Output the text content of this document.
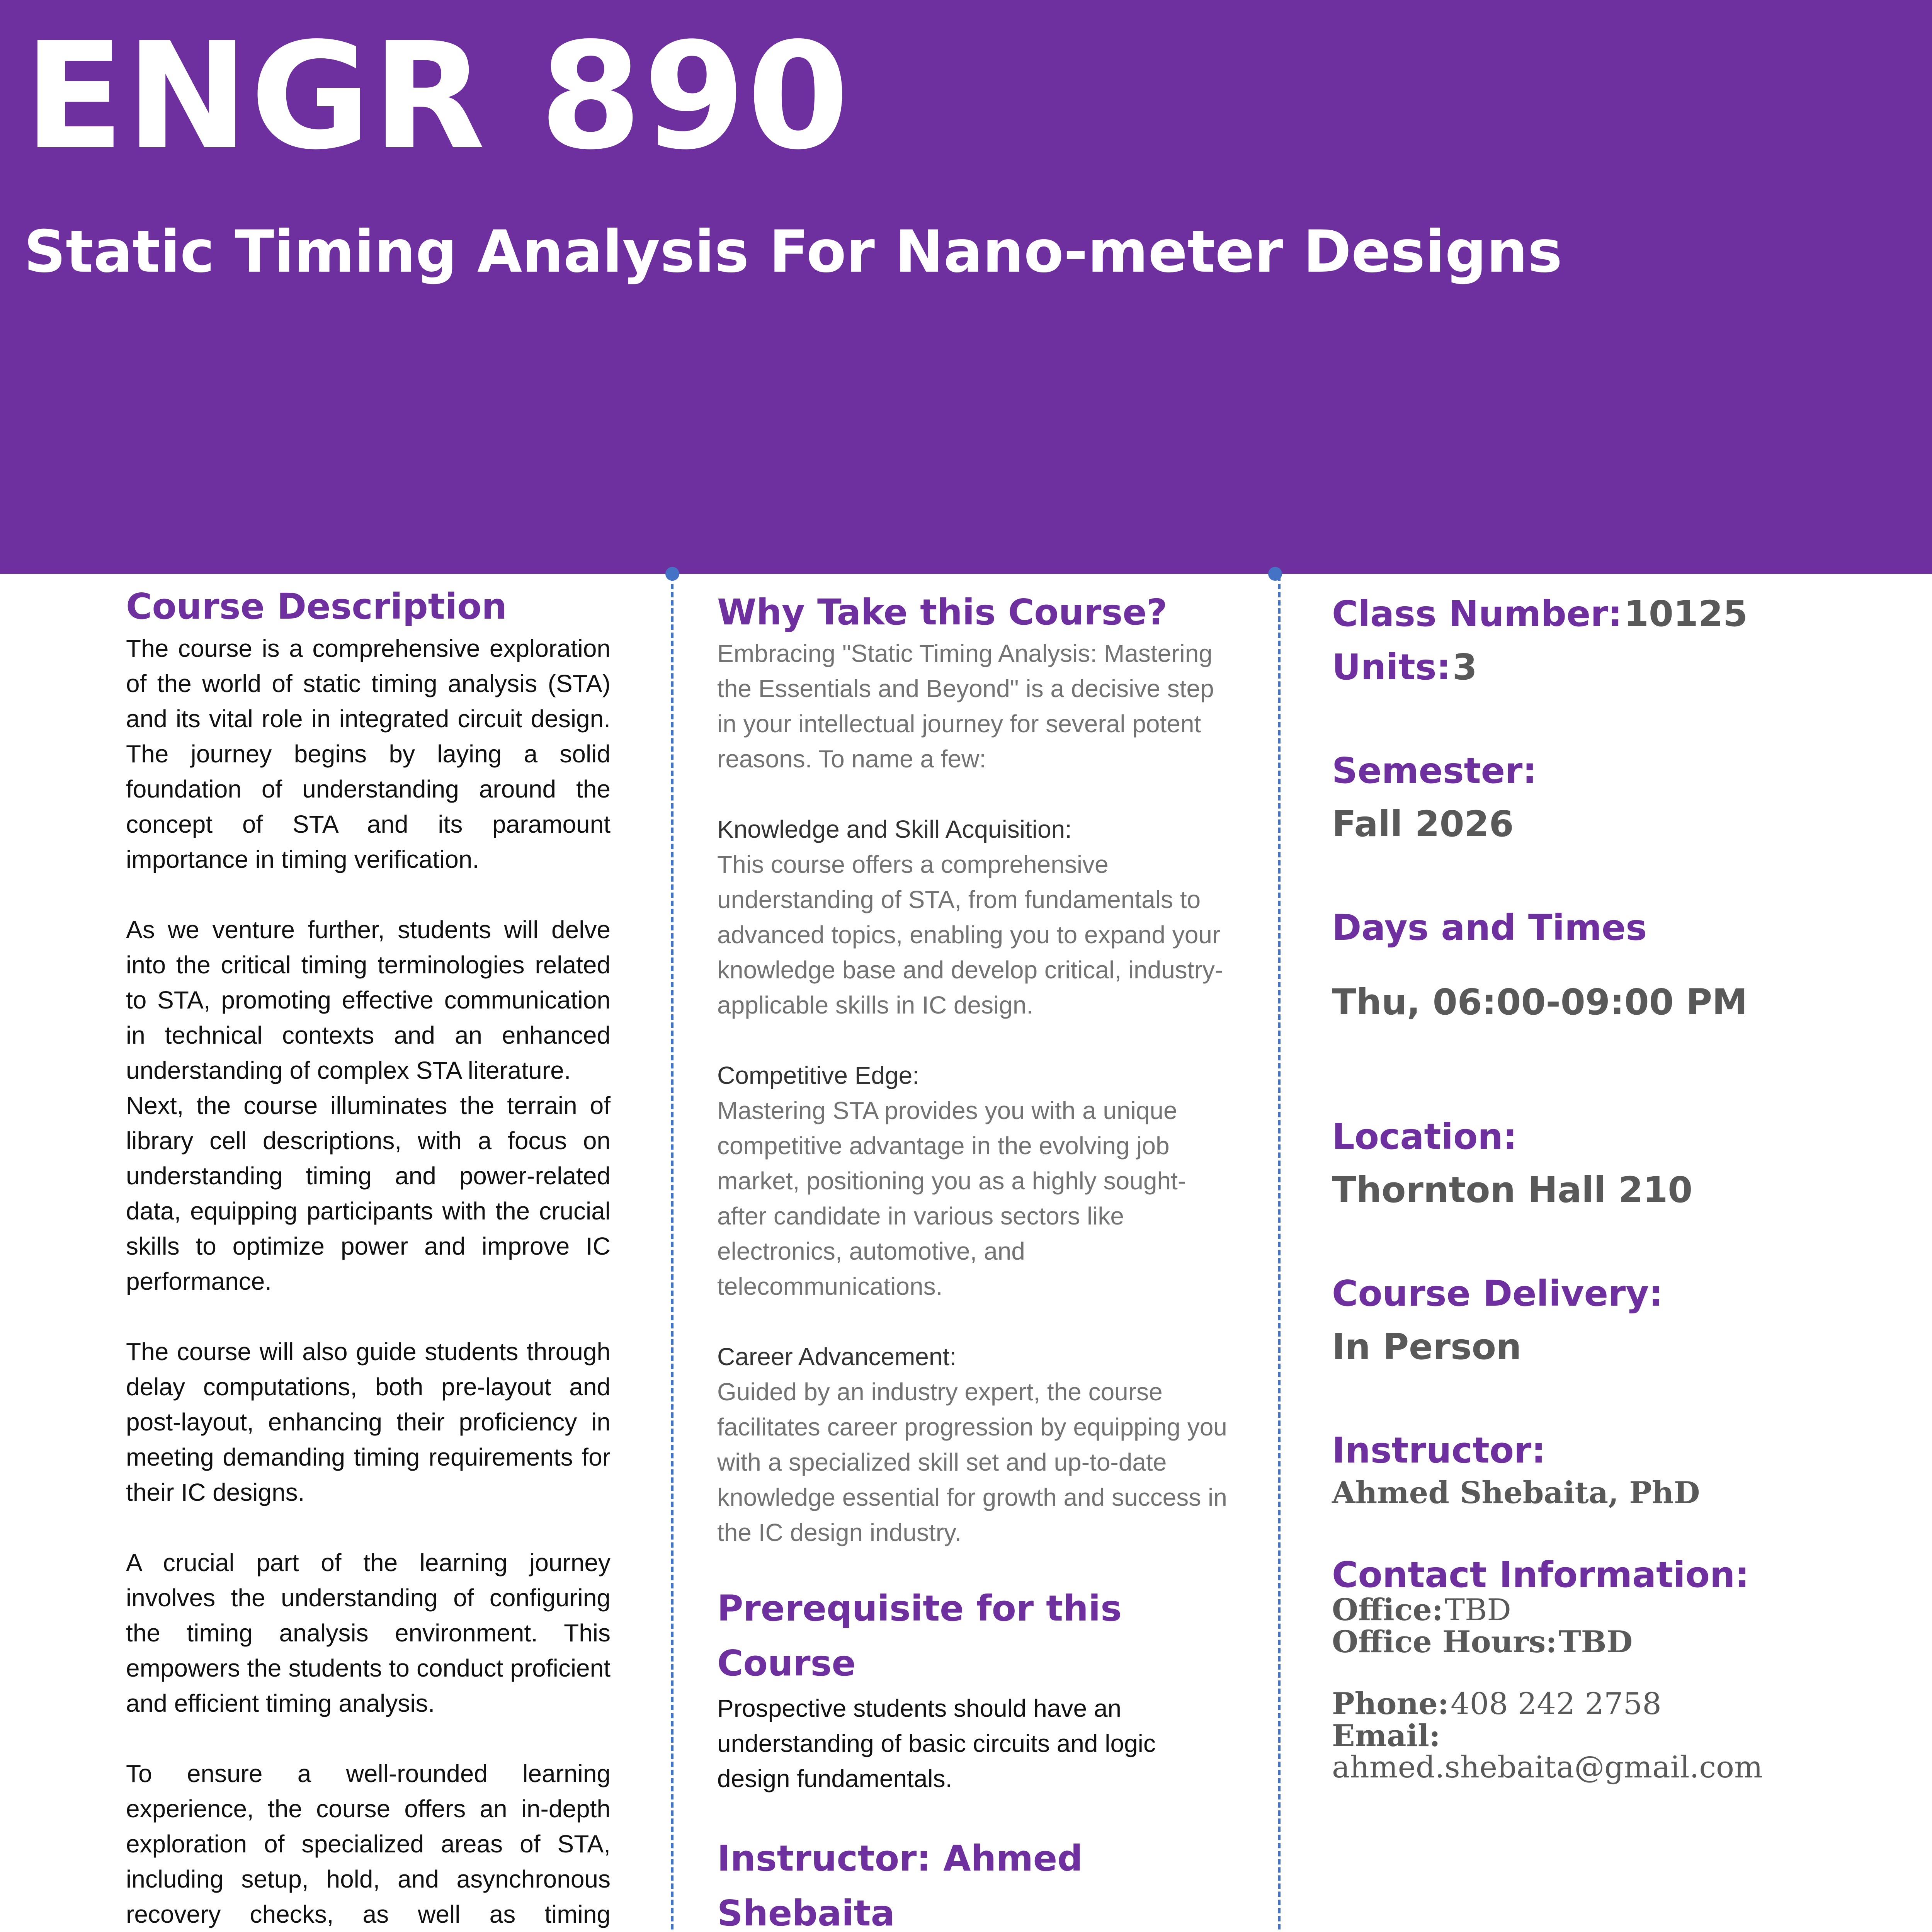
ENGR 890
Static Timing Analysis For Nano-meter Designs
Course Description

The course is a comprehensive exploration of the world of static timing analysis (STA) and its vital role in integrated circuit design. The journey begins by laying a solid foundation of understanding around the concept of STA and its paramount importance in timing verification.

As we venture further, students will delve into the critical timing terminologies related to STA, promoting effective communication in technical contexts and an enhanced understanding of complex STA literature.
Next, the course illuminates the terrain of library cell descriptions, with a focus on understanding timing and power-related data, equipping participants with the crucial skills to optimize power and improve IC performance.

The course will also guide students through delay computations, both pre-layout and post-layout, enhancing their proficiency in meeting demanding timing requirements for their IC designs.

A crucial part of the learning journey involves the understanding of configuring the timing analysis environment. This empowers the students to conduct proficient and efficient timing analysis.

To ensure a well-rounded learning experience, the course offers an in-depth exploration of specialized areas of STA, including setup, hold, and asynchronous recovery checks, as well as timing

Why Take this Course?

Embracing "Static Timing Analysis: Mastering the Essentials and Beyond" is a decisive step in your intellectual journey for several potent reasons. To name a few:

Knowledge and Skill Acquisition:

This course offers a comprehensive understanding of STA, from fundamentals to advanced topics, enabling you to expand your knowledge base and develop critical, industry-applicable skills in IC design.

Competitive Edge:

Mastering STA provides you with a unique competitive advantage in the evolving job market, positioning you as a highly sought-after candidate in various sectors like electronics, automotive, and telecommunications.

Career Advancement:

Guided by an industry expert, the course facilitates career progression by equipping you with a specialized skill set and up-to-date knowledge essential for growth and success in the IC design industry.

Prerequisite for this Course

Prospective students should have an understanding of basic circuits and logic design fundamentals.

Instructor: Ahmed Shebaita

Class Number: 10125
Units: 3
Semester:
Fall 2026
Days and Times
Thu, 06:00-09:00 PM
Location:
Thornton Hall 210
Course Delivery:
In Person
Instructor:
Ahmed Shebaita, PhD
Contact Information:
Office: TBD
Office Hours: TBD
Phone: 408 242 2758
Email:
ahmed.shebaita@gmail.com
